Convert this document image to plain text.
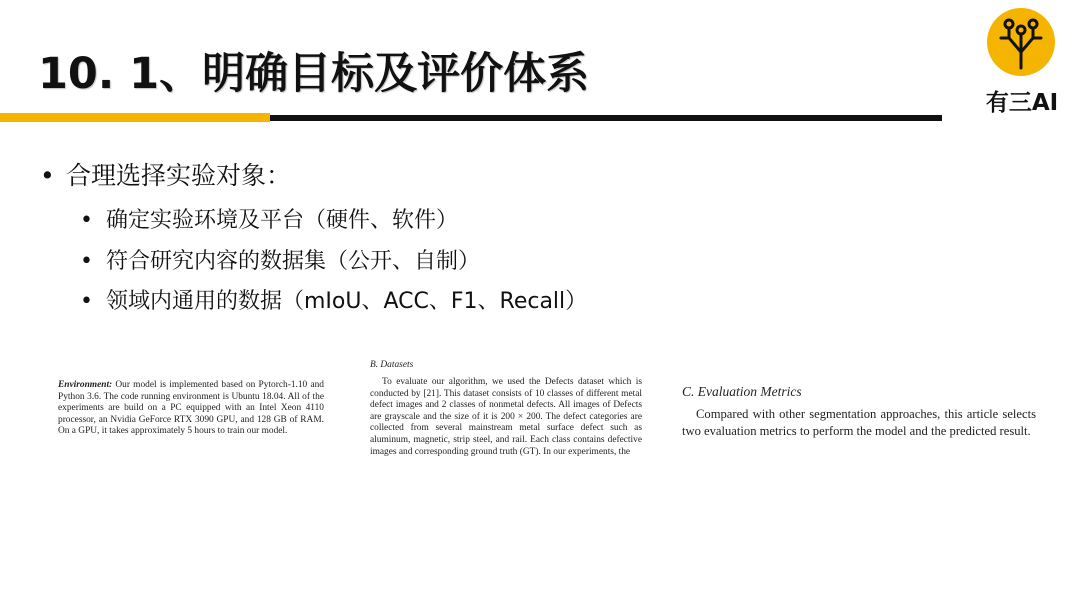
10. 1、明确目标及评价体系
有三AI
• 合理选择实验对象：
• 确定实验环境及平台（硬件、软件）
• 符合研究内容的数据集（公开、自制）
• 领域内通用的数据（mIoU、ACC、F1、Recall）
Environment: Our model is implemented based on Pytorch-1.10 and Python 3.6. The code running environment is Ubuntu 18.04. All of the experiments are build on a PC equipped with an Intel Xeon 4110 processor, an Nvidia GeForce RTX 3090 GPU, and 128 GB of RAM. On a GPU, it takes approximately 5 hours to train our model.
B. Datasets
To evaluate our algorithm, we used the Defects dataset which is conducted by [21]. This dataset consists of 10 classes of different metal defect images and 2 classes of nonmetal defects. All images of Defects are grayscale and the size of it is 200 × 200. The defect categories are collected from several mainstream metal surface defect such as aluminum, magnetic, strip steel, and rail. Each class contains defective images and corresponding ground truth (GT). In our experiments, the
C. Evaluation Metrics
Compared with other segmentation approaches, this article selects two evaluation metrics to perform the model and the predicted result.
